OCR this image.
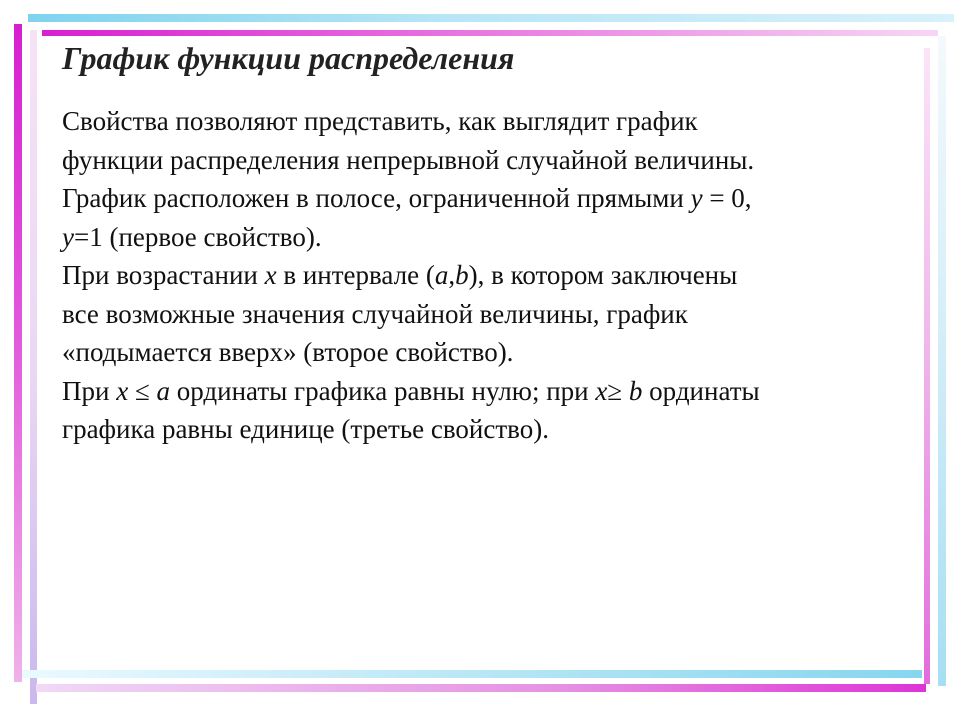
График функции распределения
Свойства позволяют представить, как выглядит график
функции распределения непрерывной случайной величины.
График расположен в полосе, ограниченной прямыми y = 0,
y=1 (первое свойство).
При возрастании x в интервале (a,b), в котором заключены
все возможные значения случайной величины, график
«подымается вверх» (второе свойство).
При x ≤ a ординаты графика равны нулю; при x≥ b ординаты
графика равны единице (третье свойство).
